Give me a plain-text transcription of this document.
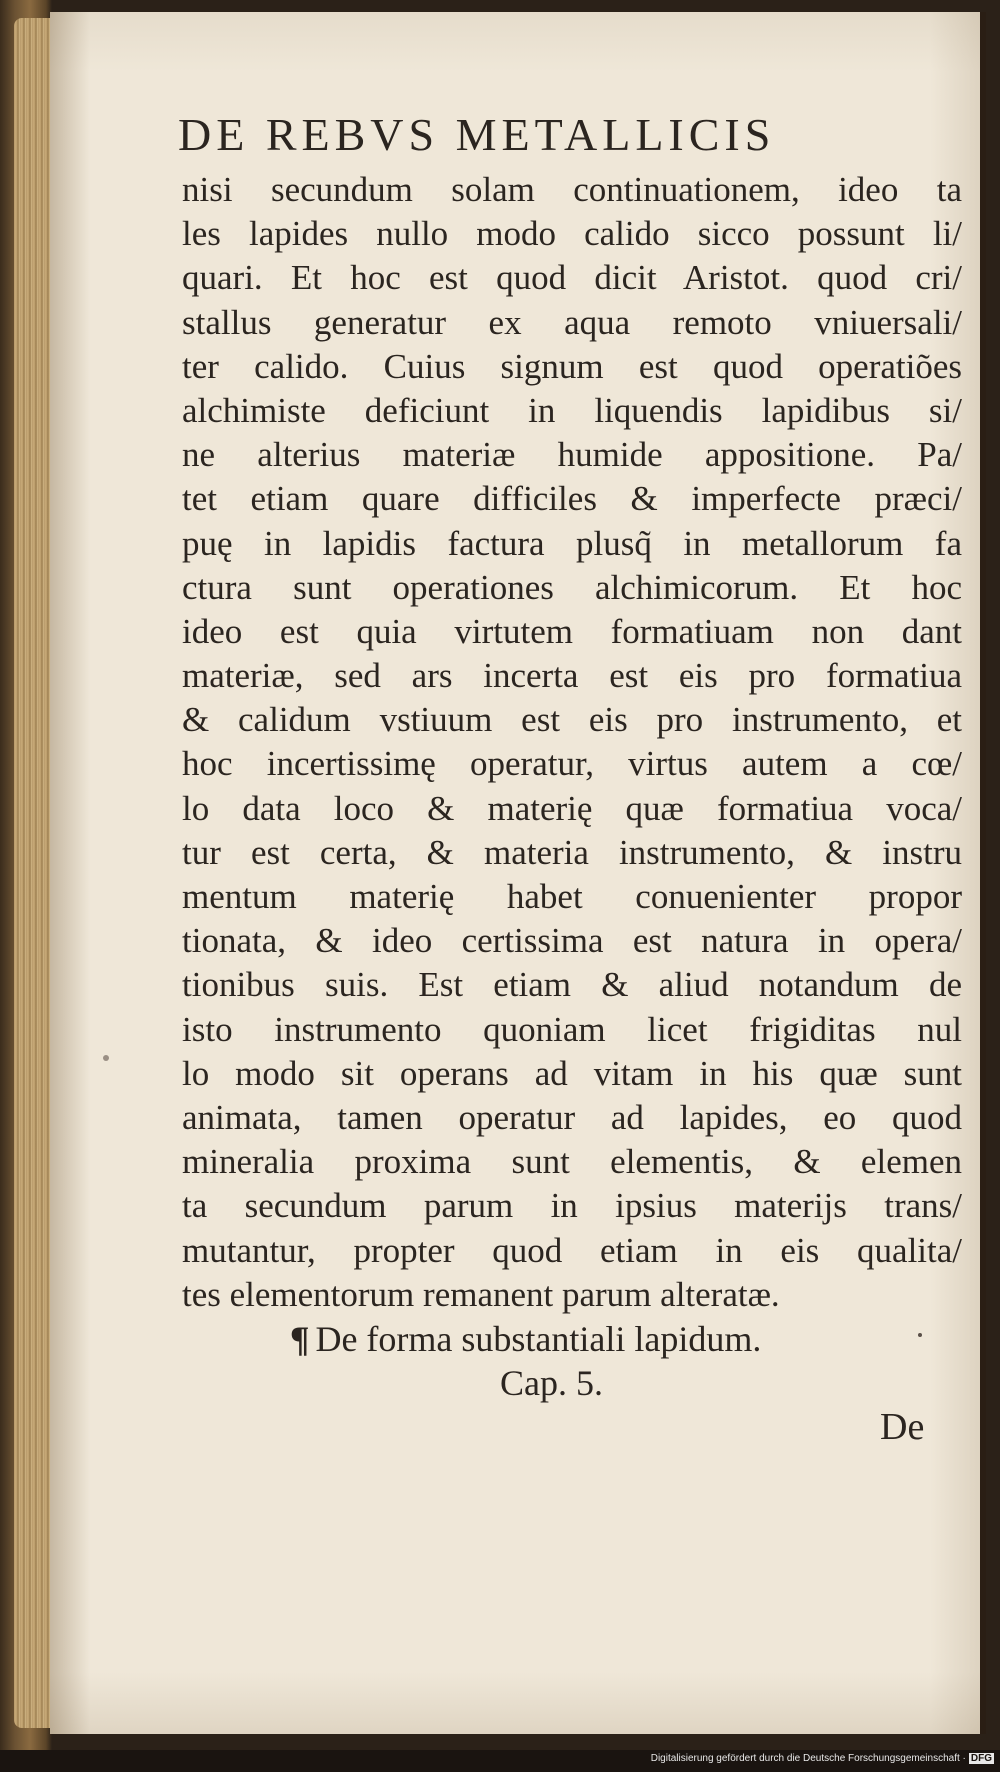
DE REBVS METALLICIS
nisi secundum solam continuationem, ideo ta
les lapides nullo modo calido sicco possunt li/
quari. Et hoc est quod dicit Aristot. quod cri/
stallus generatur ex aqua remoto vniuersali/
ter calido. Cuius signum est quod operatiões
alchimiste deficiunt in liquendis lapidibus si/
ne alterius materiæ humide appositione. Pa/
tet etiam quare difficiles & imperfecte præci/
puę in lapidis factura plusq̃ in metallorum fa
ctura sunt operationes alchimicorum. Et hoc
ideo est quia virtutem formatiuam non dant
materiæ, sed ars incerta est eis pro formatiua
& calidum vstiuum est eis pro instrumento, et
hoc incertissimę operatur, virtus autem a cœ/
lo data loco & materię quæ formatiua voca/
tur est certa, & materia instrumento, & instru
mentum materię habet conuenienter propor
tionata, & ideo certissima est natura in opera/
tionibus suis. Est etiam & aliud notandum de
isto instrumento quoniam licet frigiditas nul
lo modo sit operans ad vitam in his quæ sunt
animata, tamen operatur ad lapides, eo quod
mineralia proxima sunt elementis, & elemen
ta secundum parum in ipsius materijs trans/
mutantur, propter quod etiam in eis qualita/
tes elementorum remanent parum alteratæ.
¶ De forma substantiali lapidum.
Cap. 5.
De
Digitalisierung gefördert durch die Deutsche Forschungsgemeinschaft · DFG
